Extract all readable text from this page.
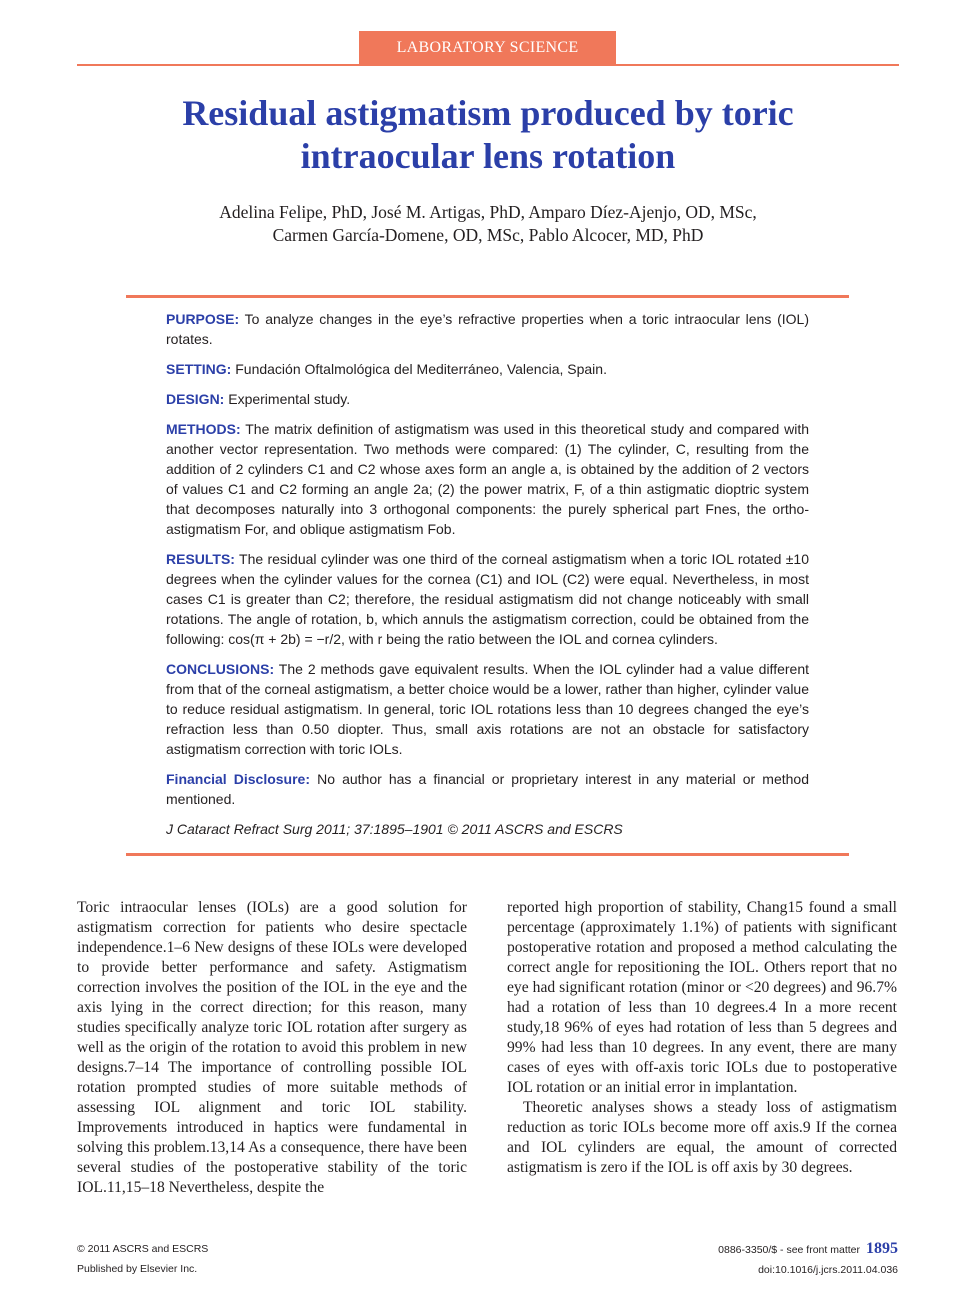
LABORATORY SCIENCE
Residual astigmatism produced by toric
intraocular lens rotation
Adelina Felipe, PhD, José M. Artigas, PhD, Amparo Díez-Ajenjo, OD, MSc,
Carmen García-Domene, OD, MSc, Pablo Alcocer, MD, PhD

PURPOSE: To analyze changes in the eye’s refractive properties when a toric intraocular lens (IOL) rotates.

SETTING: Fundación Oftalmológica del Mediterráneo, Valencia, Spain.

DESIGN: Experimental study.

METHODS: The matrix definition of astigmatism was used in this theoretical study and compared with another vector representation. Two methods were compared: (1) The cylinder, C, resulting from the addition of 2 cylinders C1 and C2 whose axes form an angle a, is obtained by the addition of 2 vectors of values C1 and C2 forming an angle 2a; (2) the power matrix, F, of a thin astigmatic dioptric system that decomposes naturally into 3 orthogonal components: the purely spherical part Fnes, the ortho-astigmatism For, and oblique astigmatism Fob.

RESULTS: The residual cylinder was one third of the corneal astigmatism when a toric IOL rotated ±10 degrees when the cylinder values for the cornea (C1) and IOL (C2) were equal. Nevertheless, in most cases C1 is greater than C2; therefore, the residual astigmatism did not change noticeably with small rotations. The angle of rotation, b, which annuls the astigmatism correction, could be obtained from the following: cos(π + 2b) = −r/2, with r being the ratio between the IOL and cornea cylinders.

CONCLUSIONS: The 2 methods gave equivalent results. When the IOL cylinder had a value different from that of the corneal astigmatism, a better choice would be a lower, rather than higher, cylinder value to reduce residual astigmatism. In general, toric IOL rotations less than 10 degrees changed the eye’s refraction less than 0.50 diopter. Thus, small axis rotations are not an obstacle for satisfactory astigmatism correction with toric IOLs.

Financial Disclosure: No author has a financial or proprietary interest in any material or method mentioned.

J Cataract Refract Surg 2011; 37:1895–1901 © 2011 ASCRS and ESCRS

Toric intraocular lenses (IOLs) are a good solution for astigmatism correction for patients who desire spectacle independence.1–6 New designs of these IOLs were developed to provide better performance and safety. Astigmatism correction involves the position of the IOL in the eye and the axis lying in the correct direction; for this reason, many studies specifically analyze toric IOL rotation after surgery as well as the origin of the rotation to avoid this problem in new designs.7–14 The importance of controlling possible IOL rotation prompted studies of more suitable methods of assessing IOL alignment and toric IOL stability. Improvements introduced in haptics were fundamental in solving this problem.13,14 As a consequence, there have been several studies of the postoperative stability of the toric IOL.11,15–18 Nevertheless, despite the

reported high proportion of stability, Chang15 found a small percentage (approximately 1.1%) of patients with significant postoperative rotation and proposed a method calculating the correct angle for repositioning the IOL. Others report that no eye had significant rotation (minor or <20 degrees) and 96.7% had a rotation of less than 10 degrees.4 In a more recent study,18 96% of eyes had rotation of less than 5 degrees and 99% had less than 10 degrees. In any event, there are many cases of eyes with off-axis toric IOLs due to postoperative IOL rotation or an initial error in implantation.

Theoretic analyses shows a steady loss of astigmatism reduction as toric IOLs become more off axis.9 If the cornea and IOL cylinders are equal, the amount of corrected astigmatism is zero if the IOL is off axis by 30 degrees.

© 2011 ASCRS and ESCRS
Published by Elsevier Inc.
0886-3350/$ - see front matter 1895
doi:10.1016/j.jcrs.2011.04.036
